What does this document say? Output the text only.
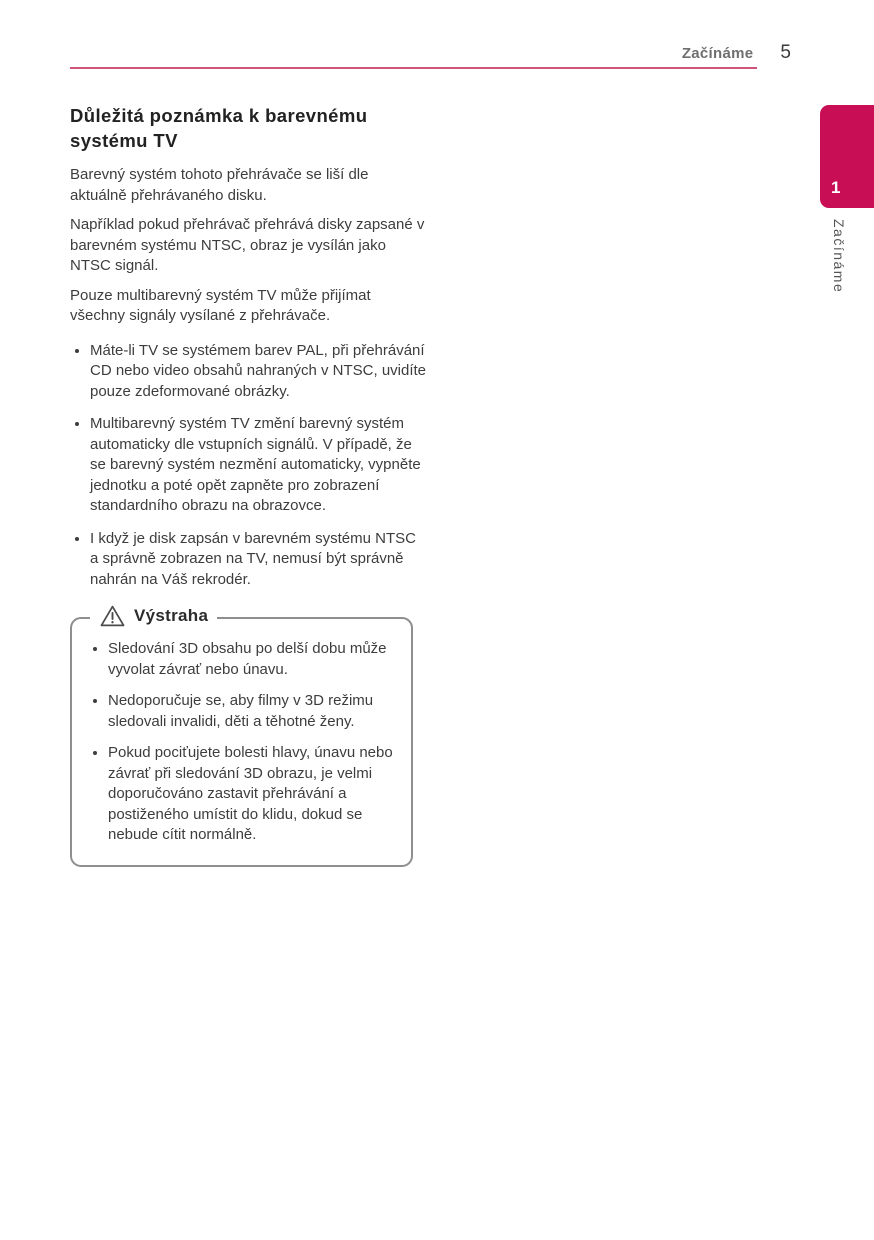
Začínáme 5
1
Začínáme
Důležitá poznámka k barevnému systému TV

Barevný systém tohoto přehrávače se liší dle aktuálně přehrávaného disku.

Například pokud přehrávač přehrává disky zapsané v barevném systému NTSC, obraz je vysílán jako NTSC signál.

Pouze multibarevný systém TV může přijímat všechny signály vysílané z přehrávače.

• Máte-li TV se systémem barev PAL, při přehrávání CD nebo video obsahů nahraných v NTSC, uvidíte pouze zdeformované obrázky.
• Multibarevný systém TV změní barevný systém automaticky dle vstupních signálů. V případě, že se barevný systém nezmění automaticky, vypněte jednotku a poté opět zapněte pro zobrazení standardního obrazu na obrazovce.
• I když je disk zapsán v barevném systému NTSC a správně zobrazen na TV, nemusí být správně nahrán na Váš rekrodér.
Výstraha
• Sledování 3D obsahu po delší dobu může vyvolat závrať nebo únavu.
• Nedoporučuje se, aby filmy v 3D režimu sledovali invalidi, děti a těhotné ženy.
• Pokud pociťujete bolesti hlavy, únavu nebo závrať při sledování 3D obrazu, je velmi doporučováno zastavit přehrávání a postiženého umístit do klidu, dokud se nebude cítit normálně.
